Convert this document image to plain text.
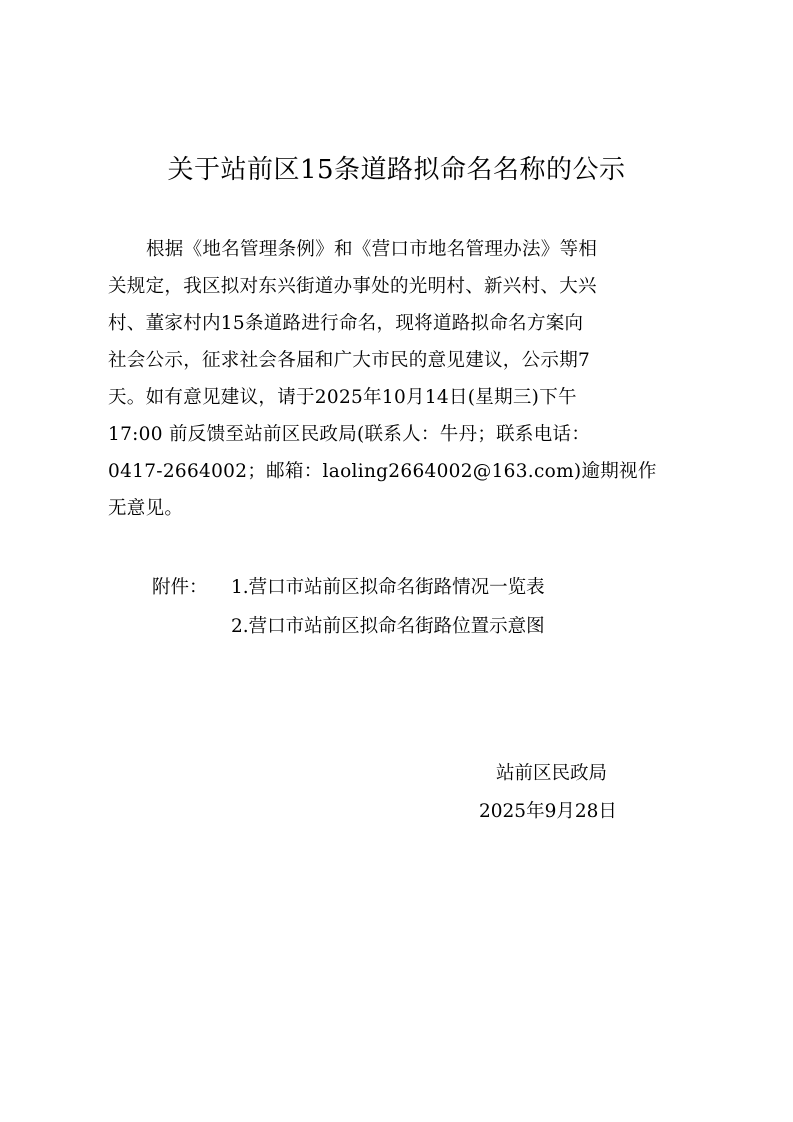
关于站前区15条道路拟命名名称的公示
根据《地名管理条例》和《营口市地名管理办法》等相
关规定，我区拟对东兴街道办事处的光明村、新兴村、大兴
村、董家村内15条道路进行命名，现将道路拟命名方案向
社会公示，征求社会各届和广大市民的意见建议，公示期7
天。如有意见建议，请于2025年10月14日(星期三)下午
17:00 前反馈至站前区民政局(联系人：牛丹；联系电话：
0417-2664002；邮箱：laoling2664002@163.com)逾期视作
无意见。
附件： 1.营口市站前区拟命名街路情况一览表
2.营口市站前区拟命名街路位置示意图
站前区民政局
2025年9月28日
